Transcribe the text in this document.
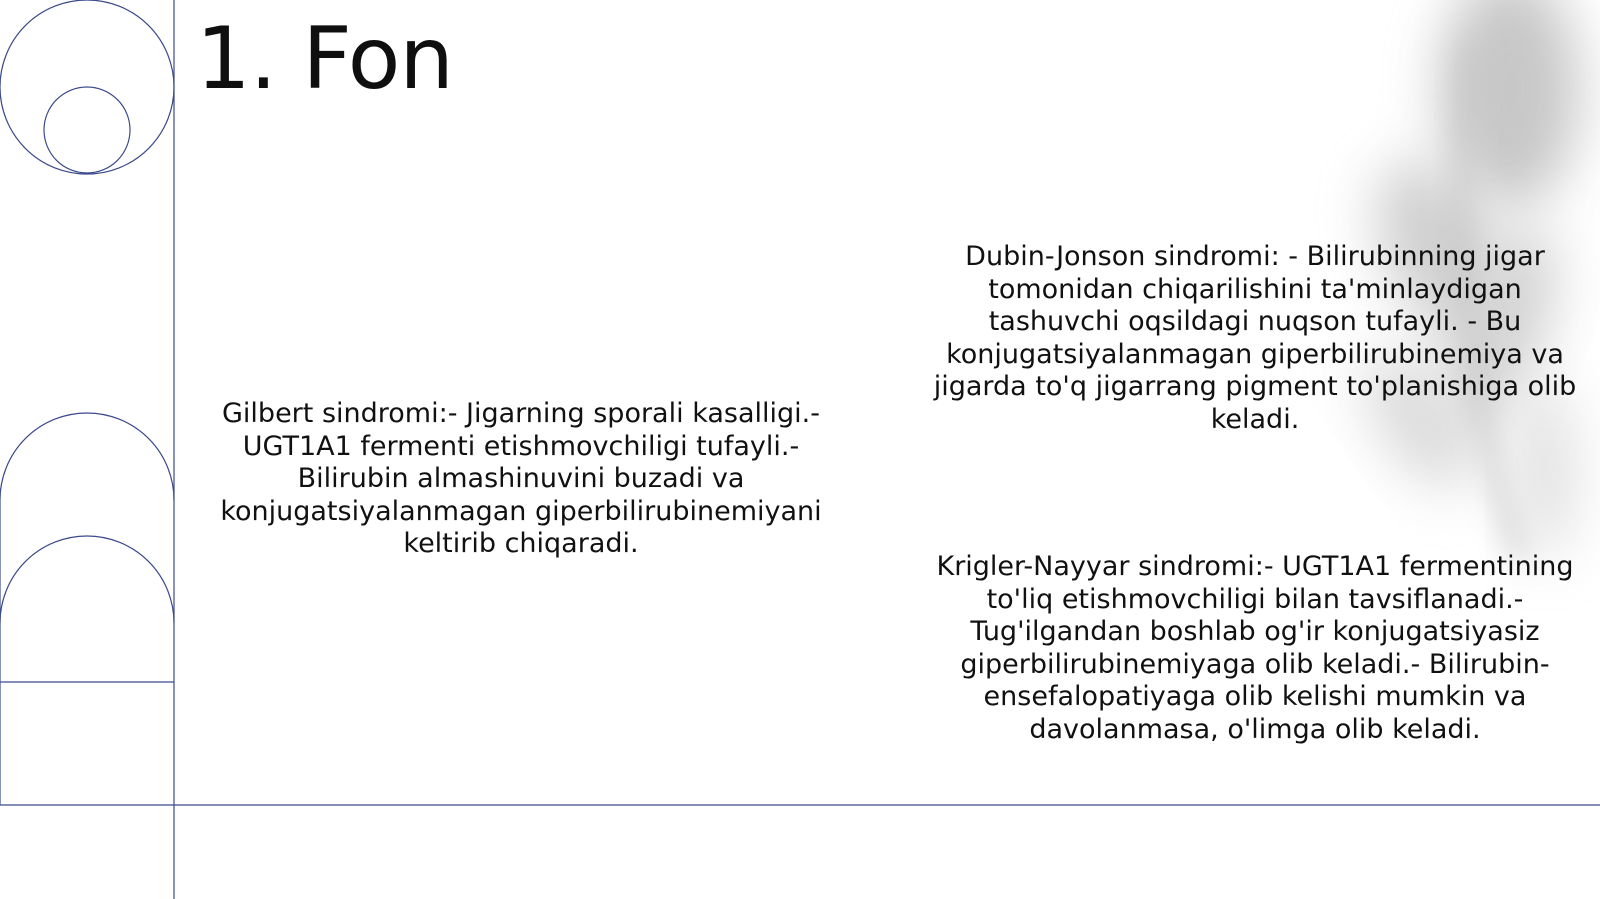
1. Fon

Gilbert sindromi:- Jigarning sporali kasalligi.- UGT1A1 fermenti etishmovchiligi tufayli.- Bilirubin almashinuvini buzadi va konjugatsiyalanmagan giperbilirubinemiyani keltirib chiqaradi.

Dubin-Jonson sindromi: - Bilirubinning jigar tomonidan chiqarilishini ta'minlaydigan tashuvchi oqsildagi nuqson tufayli. - Bu konjugatsiyalanmagan giperbilirubinemiya va jigarda to'q jigarrang pigment to'planishiga olib keladi.

Krigler-Nayyar sindromi:- UGT1A1 fermentining to'liq etishmovchiligi bilan tavsiflanadi.- Tug'ilgandan boshlab og'ir konjugatsiyasiz giperbilirubinemiyaga olib keladi.- Bilirubin-ensefalopatiyaga olib kelishi mumkin va davolanmasa, o'limga olib keladi.
